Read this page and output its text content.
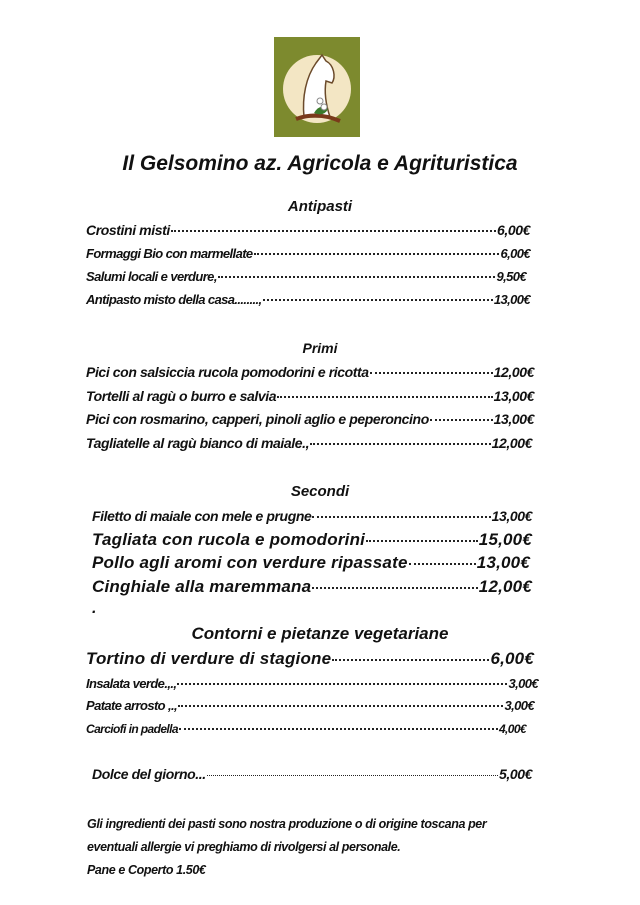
Il Gelsomino az. Agricola e Agrituristica
Antipasti
Crostini misti	6,00€
Formaggi Bio con marmellate	6,00€
Salumi locali e verdure,	9,50€
Antipasto misto della casa........,	13,00€
Primi
Pici con salsiccia rucola pomodorini e ricotta	12,00€
Tortelli al ragù o burro e salvia	13,00€
Pici con rosmarino, capperi, pinoli aglio e peperoncino	13,00€
Tagliatelle al ragù bianco di maiale.,	12,00€
Secondi
Filetto di maiale con mele e prugne	13,00€
Tagliata con rucola e pomodorini	15,00€
Pollo agli aromi con verdure ripassate	13,00€
Cinghiale alla maremmana	12,00€
.
Contorni e pietanze vegetariane
Tortino di verdure di stagione	6,00€
Insalata verde.,.,	3,00€
Patate arrosto ,.,	3,00€
Carciofi in padella	4,00€
Dolce del giorno...	5,00€
Gli ingredienti dei pasti sono nostra produzione o di origine toscana per
eventuali allergie vi preghiamo di rivolgersi al personale.
Pane e Coperto 1.50€
